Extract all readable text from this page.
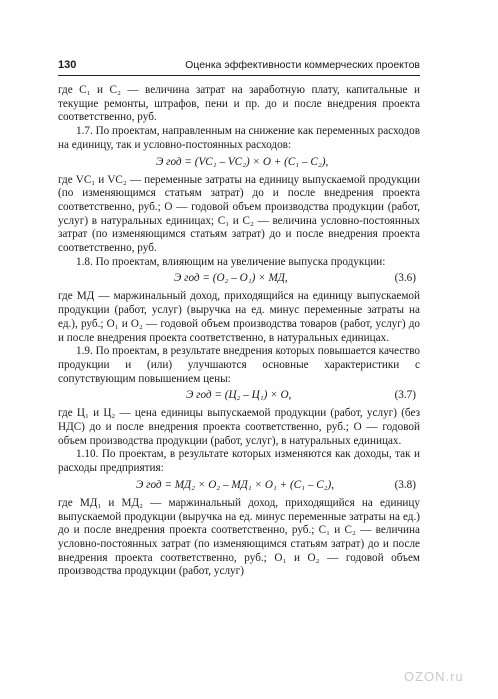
130	Оценка эффективности коммерческих проектов

где C₁ и C₂ — величина затрат на заработную плату, капитальные и текущие ремонты, штрафов, пени и пр. до и после внедрения проекта соответственно, руб.

1.7. По проектам, направленным на снижение как переменных расходов на единицу, так и условно-постоянных расходов:

Э год = (VC₁ – VC₂) × О + (C₁ – C₂),

где VC₁ и VC₂ — переменные затраты на единицу выпускаемой продукции (по изменяющимся статьям затрат) до и после внедрения проекта соответственно, руб.; О — годовой объем производства продукции (работ, услуг) в натуральных единицах; C₁ и C₂ — величина условно-постоянных затрат (по изменяющимся статьям затрат) до и после внедрения проекта соответственно, руб.

1.8. По проектам, влияющим на увеличение выпуска продукции:

Э год = (О₂ – О₁) × МД,	(3.6)

где МД — маржинальный доход, приходящийся на единицу выпускаемой продукции (работ, услуг) (выручка на ед. минус переменные затраты на ед.), руб.; О₁ и О₂ — годовой объем производства товаров (работ, услуг) до и после внедрения проекта соответственно, в натуральных единицах.

1.9. По проектам, в результате внедрения которых повышается качество продукции и (или) улучшаются основные характеристики с сопутствующим повышением цены:

Э год = (Ц₂ – Ц₁) × О,	(3.7)

где Ц₁ и Ц₂ — цена единицы выпускаемой продукции (работ, услуг) (без НДС) до и после внедрения проекта соответственно, руб.; О — годовой объем производства продукции (работ, услуг), в натуральных единицах.

1.10. По проектам, в результате которых изменяются как доходы, так и расходы предприятия:

Э год = МД₂ × О₂ – МД₁ × О₁ + (C₁ – C₂),	(3.8)

где МД₁ и МД₂ — маржинальный доход, приходящийся на единицу выпускаемой продукции (выручка на ед. минус переменные затраты на ед.) до и после внедрения проекта соответственно, руб.; C₁ и C₂ — величина условно-постоянных затрат (по изменяющимся статьям затрат) до и после внедрения проекта соответственно, руб.; О₁ и О₂ — годовой объем производства продукции (работ, услуг)

OZON.ru
